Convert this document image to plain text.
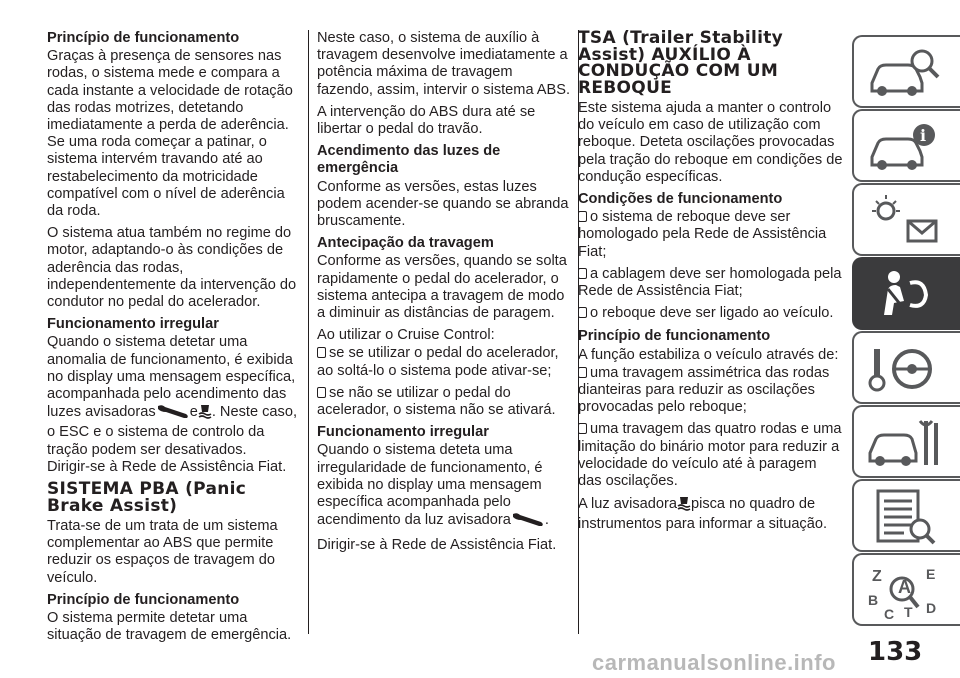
Princípio de funcionamento

Graças à presença de sensores nas rodas, o sistema mede e compara a cada instante a velocidade de rotação das rodas motrizes, detetando imediatamente a perda de aderência. Se uma roda começar a patinar, o sistema intervém travando até ao restabelecimento da motricidade compatível com o nível de aderência da roda.

O sistema atua também no regime do motor, adaptando-o às condições de aderência das rodas, independentemente da intervenção do condutor no pedal do acelerador.

Funcionamento irregular

Quando o sistema detetar uma anomalia de funcionamento, é exibida no display uma mensagem específica, acompanhada pelo acendimento das luzes avisadoras e . Neste caso, o ESC e o sistema de controlo da tração podem ser desativados.
Dirigir-se à Rede de Assistência Fiat.

SISTEMA PBA (Panic Brake Assist)

Trata-se de um trata de um sistema complementar ao ABS que permite reduzir os espaços de travagem do veículo.

Princípio de funcionamento

O sistema permite detetar uma situação de travagem de emergência.

Neste caso, o sistema de auxílio à travagem desenvolve imediatamente a potência máxima de travagem fazendo, assim, intervir o sistema ABS.

A intervenção do ABS dura até se libertar o pedal do travão.

Acendimento das luzes de emergência

Conforme as versões, estas luzes podem acender-se quando se abranda bruscamente.

Antecipação da travagem

Conforme as versões, quando se solta rapidamente o pedal do acelerador, o sistema antecipa a travagem de modo a diminuir as distâncias de paragem.

Ao utilizar o Cruise Control:

se se utilizar o pedal do acelerador, ao soltá-lo o sistema pode ativar-se;

se não se utilizar o pedal do acelerador, o sistema não se ativará.

Funcionamento irregular

Quando o sistema deteta uma irregularidade de funcionamento, é exibida no display uma mensagem específica acompanhada pelo acendimento da luz avisadora .

Dirigir-se à Rede de Assistência Fiat.

TSA (Trailer Stability Assist) AUXÍLIO À CONDUÇÃO COM UM REBOQUE

Este sistema ajuda a manter o controlo do veículo em caso de utilização com reboque. Deteta oscilações provocadas pela tração do reboque em condições de condução específicas.

Condições de funcionamento

o sistema de reboque deve ser homologado pela Rede de Assistência Fiat;

a cablagem deve ser homologada pela Rede de Assistência Fiat;

o reboque deve ser ligado ao veículo.

Princípio de funcionamento

A função estabiliza o veículo através de:

uma travagem assimétrica das rodas dianteiras para reduzir as oscilações provocadas pelo reboque;

uma travagem das quatro rodas e uma limitação do binário motor para reduzir a velocidade do veículo até à paragem das oscilações.

A luz avisadora pisca no quadro de instrumentos para informar a situação.

i
Z	E
A
B
C T D
133
carmanualsonline.info
